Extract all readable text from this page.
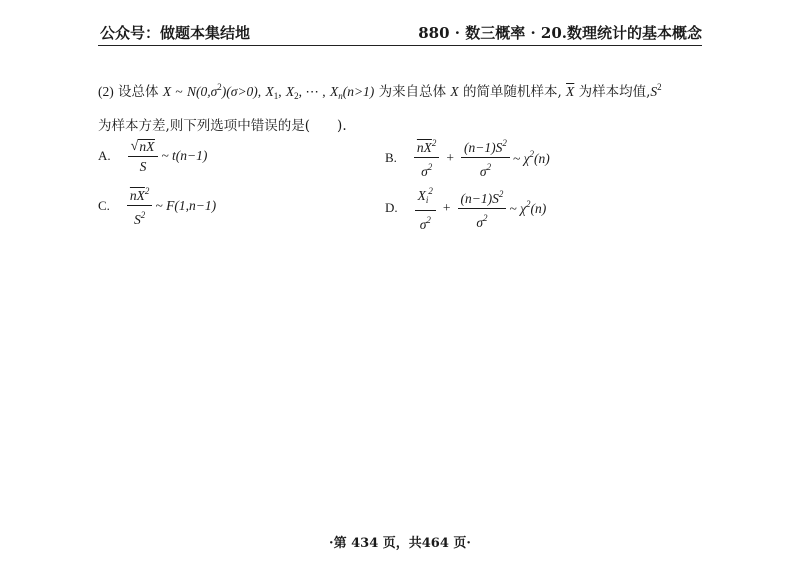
公众号：做题本集结地	880 · 数三概率 · 20.数理统计的基本概念
(2) 设总体 X ~ $N(0,\sigma^2)(\sigma>0)$, $X_1$, $X_2$, ⋯ , $X_n(n>1)$ 为来自总体 X 的简单随机样本, $\overline{X}$ 为样本均值$,S^2$
为样本方差,则下列选项中错误的是(　　).
A. $\frac{√ nX}{S}$ ~ t(n−1)	B. $\frac{\overline{nX}^2}{\sigma^2} + \frac{(n-1)S^2}{\sigma^2}$ ~ $\chi^2(n)$
C. $\frac{\overline{nX}^2}{S^2}$ ~ F(1,n−1)	D. $\frac{X_i^2}{\sigma^2} + \frac{(n-1)S^2}{\sigma^2}$ ~ $\chi^2(n)$
·第 434 页，共464 页·
